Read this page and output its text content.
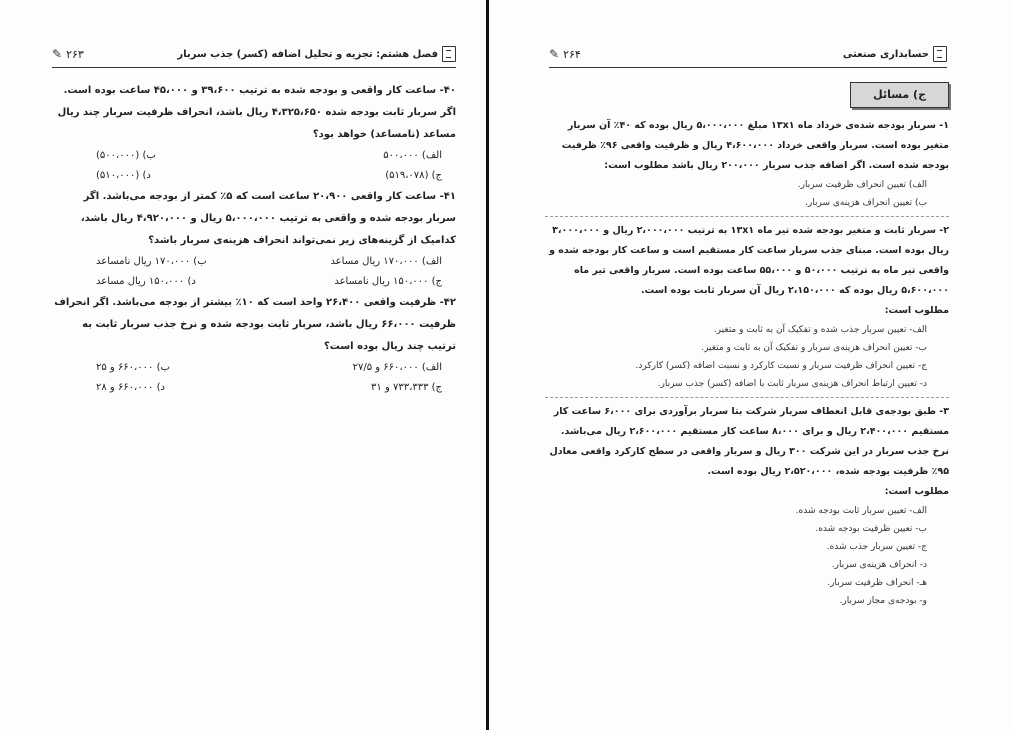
فصل هشتم: تجزیه و تحلیل اضافه (کسر) جذب سربار
۲۶۳
✎
۴۰- ساعت کار واقعی و بودجه شده به ترتیب ۳۹،۶۰۰ و ۴۵،۰۰۰ ساعت بوده است. اگر سربار ثابت بودجه شده ۴،۳۲۵،۶۵۰ ریال باشد، انحراف ظرفیت سربار چند ریال مساعد (نامساعد) خواهد بود؟
الف) ۵۰۰،۰۰۰
ب) (۵۰۰،۰۰۰)
ج) (۵۱۹،۰۷۸)
د) (۵۱۰،۰۰۰)
۴۱- ساعت کار واقعی ۲۰،۹۰۰ ساعت است که ۵٪ کمتر از بودجه می‌باشد. اگر سربار بودجه شده و واقعی به ترتیب ۵،۰۰۰،۰۰۰ ریال و ۴،۹۲۰،۰۰۰ ریال باشد، کدامیک از گزینه‌های زیر نمی‌تواند انحراف هزینه‌ی سربار باشد؟
الف) ۱۷۰،۰۰۰ ریال مساعد
ب) ۱۷۰،۰۰۰ ریال نامساعد
ج) ۱۵۰،۰۰۰ ریال نامساعد
د) ۱۵۰،۰۰۰ ریال مساعد
۴۲- ظرفیت واقعی ۲۶،۴۰۰ واحد است که ۱۰٪ بیشتر از بودجه می‌باشد. اگر انحراف ظرفیت ۶۶،۰۰۰ ریال باشد، سربار ثابت بودجه شده و نرخ جذب سربار ثابت به ترتیب چند ریال بوده است؟
الف) ۶۶۰،۰۰۰ و ۲۷/۵
ب) ۶۶۰،۰۰۰ و ۲۵
ج) ۷۳۳،۳۳۳ و ۳۱
د) ۶۶۰،۰۰۰ و ۲۸
حسابداری صنعتی
۲۶۴
✎
ج) مسائل
۱- سربار بودجه شده‌ی خرداد ماه ۱۳x۱ مبلغ ۵،۰۰۰،۰۰۰ ریال بوده که ۴۰٪ آن سربار متغیر بوده است. سربار واقعی خرداد ۴،۶۰۰،۰۰۰ ریال و ظرفیت واقعی ۹۶٪ ظرفیت بودجه شده است. اگر اضافه جذب سربار ۲۰۰،۰۰۰ ریال باشد مطلوب است:
الف) تعیین انحراف ظرفیت سربار.
ب) تعیین انحراف هزینه‌ی سربار.
۲- سربار ثابت و متغیر بودجه شده تیر ماه ۱۳x۱ به ترتیب ۲،۰۰۰،۰۰۰ ریال و ۳،۰۰۰،۰۰۰ ریال بوده است. مبنای جذب سربار ساعت کار مستقیم است و ساعت کار بودجه شده و واقعی تیر ماه به ترتیب ۵۰،۰۰۰ و ۵۵،۰۰۰ ساعت بوده است. سربار واقعی تیر ماه ۵،۶۰۰،۰۰۰ ریال بوده که ۲،۱۵۰،۰۰۰ ریال آن سربار ثابت بوده است.
مطلوب است:
الف- تعیین سربار جذب شده و تفکیک آن به ثابت و متغیر.
ب- تعیین انحراف هزینه‌ی سربار و تفکیک آن به ثابت و متغیر.
ج- تعیین انحراف ظرفیت سربار و نسبت کارکرد و نسبت اضافه (کسر) کارکرد.
د- تعیین ارتباط انحراف هزینه‌ی سربار ثابت با اضافه (کسر) جذب سربار.
۳- طبق بودجه‌ی قابل انعطاف سربار شرکت بتا سربار برآوردی برای ۶،۰۰۰ ساعت کار مستقیم ۲،۴۰۰،۰۰۰ ریال و برای ۸،۰۰۰ ساعت کار مستقیم ۲،۶۰۰،۰۰۰ ریال می‌باشد. نرخ جذب سربار در این شرکت ۳۰۰ ریال و سربار واقعی در سطح کارکرد واقعی معادل ۹۵٪ ظرفیت بودجه شده، ۲،۵۲۰،۰۰۰ ریال بوده است.
مطلوب است:
الف- تعیین سربار ثابت بودجه شده.
ب- تعیین ظرفیت بودجه شده.
ج- تعیین سربار جذب شده.
د- انحراف هزینه‌ی سربار.
هـ- انحراف ظرفیت سربار.
و- بودجه‌ی مجاز سربار.
